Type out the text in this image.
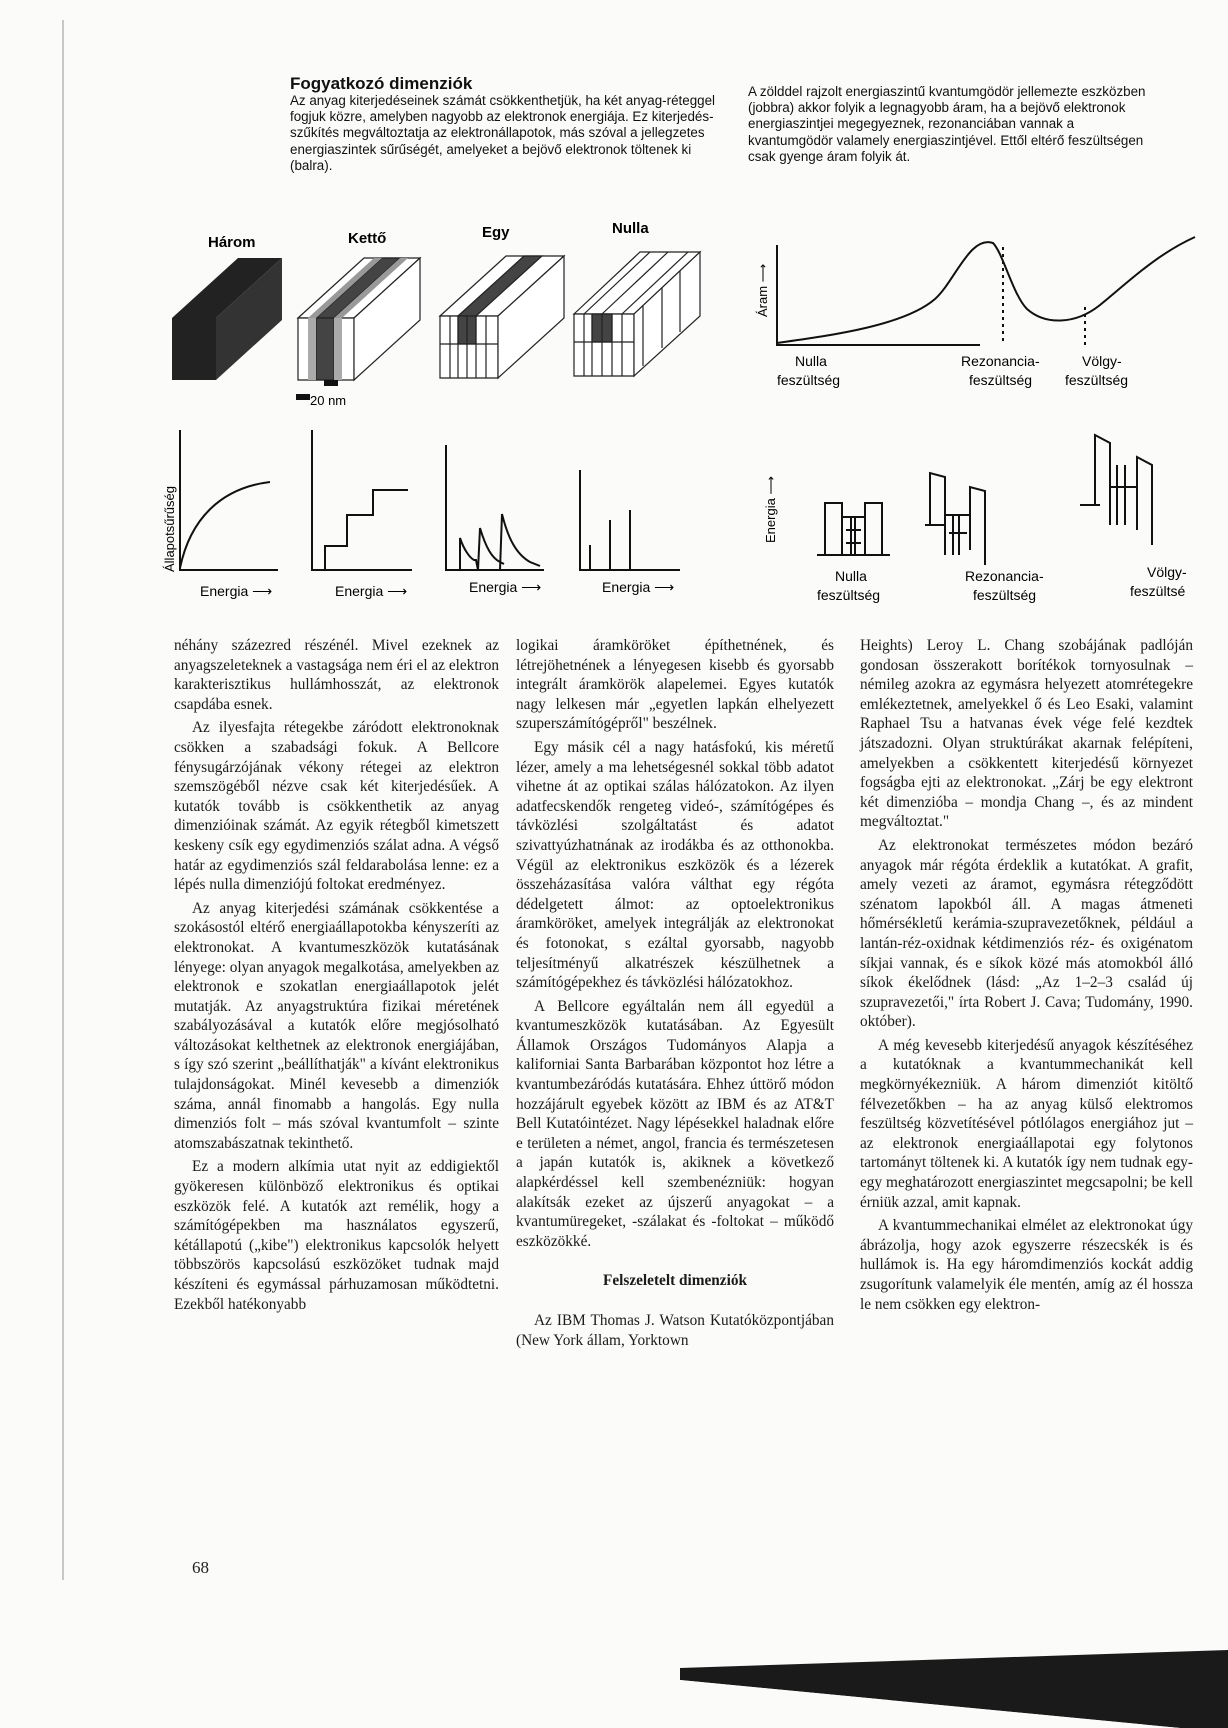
Fogyatkozó dimenziók
Az anyag kiterjedéseinek számát csökkenthetjük, ha két anyag-réteggel fogjuk közre, amelyben nagyobb az elektronok energiája. Ez kiterjedés-szűkítés megváltoztatja az elektronállapotok, más szóval a jellegzetes energiaszintek sűrűségét, amelyeket a bejövő elektronok töltenek ki (balra).
A zölddel rajzolt energiaszintű kvantumgödör jellemezte eszközben (jobbra) akkor folyik a legnagyobb áram, ha a bejövő elektronok energiaszintjei megegyeznek, rezonanciában vannak a kvantumgödör valamely energiaszintjével. Ettől eltérő feszültségen csak gyenge áram folyik át.
Három	Kettő	Egy	Nulla
20 nm
Állapotsűrűség
Energia ⟶	Energia ⟶	Energia ⟶	Energia ⟶
Áram ⟶
Nulla
feszültség
Rezonancia-
feszültség
Völgy-
feszültség
Energia ⟶
Nulla
feszültség
Rezonancia-
feszültség
Völgy-
feszültsé

néhány százezred részénél. Mivel ezeknek az anyagszeleteknek a vastagsága nem éri el az elektron karakterisztikus hullámhosszát, az elektronok csapdába esnek.

Az ilyesfajta rétegekbe záródott elektronoknak csökken a szabadsági fokuk. A Bellcore fénysugárzójának vékony rétegei az elektron szemszögéből nézve csak két kiterjedésűek. A kutatók tovább is csökkenthetik az anyag dimenzióinak számát. Az egyik rétegből kimetszett keskeny csík egy egydimenziós szálat adna. A végső határ az egydimenziós szál feldarabolása lenne: ez a lépés nulla dimenziójú foltokat eredményez.

Az anyag kiterjedési számának csökkentése a szokásostól eltérő energiaállapotokba kényszeríti az elektronokat. A kvantumeszközök kutatásának lényege: olyan anyagok megalkotása, amelyekben az elektronok e szokatlan energiaállapotok jelét mutatják. Az anyagstruktúra fizikai méretének szabályozásával a kutatók előre megjósolható változásokat kelthetnek az elektronok energiájában, s így szó szerint „beállíthatják" a kívánt elektronikus tulajdonságokat. Minél kevesebb a dimenziók száma, annál finomabb a hangolás. Egy nulla dimenziós folt – más szóval kvantumfolt – szinte atomszabászatnak tekinthető.

Ez a modern alkímia utat nyit az eddigiektől gyökeresen különböző elektronikus és optikai eszközök felé. A kutatók azt remélik, hogy a számítógépekben ma használatos egyszerű, kétállapotú („kibe") elektronikus kapcsolók helyett többszörös kapcsolású eszközöket tudnak majd készíteni és egymással párhuzamosan működtetni. Ezekből hatékonyabb

logikai áramköröket építhetnének, és létrejöhetnének a lényegesen kisebb és gyorsabb integrált áramkörök alapelemei. Egyes kutatók nagy lelkesen már „egyetlen lapkán elhelyezett szuperszámítógépről" beszélnek.

Egy másik cél a nagy hatásfokú, kis méretű lézer, amely a ma lehetségesnél sokkal több adatot vihetne át az optikai szálas hálózatokon. Az ilyen adatfecskendők rengeteg videó-, számítógépes és távközlési szolgáltatást és adatot szivattyúzhatnának az irodákba és az otthonokba. Végül az elektronikus eszközök és a lézerek összeházasítása valóra válthat egy régóta dédelgetett álmot: az optoelektronikus áramköröket, amelyek integrálják az elektronokat és fotonokat, s ezáltal gyorsabb, nagyobb teljesítményű alkatrészek készülhetnek a számítógépekhez és távközlési hálózatokhoz.

A Bellcore egyáltalán nem áll egyedül a kvantumeszközök kutatásában. Az Egyesült Államok Országos Tudományos Alapja a kaliforniai Santa Barbarában központot hoz létre a kvantumbezáródás kutatására. Ehhez úttörő módon hozzájárult egyebek között az IBM és az AT&T Bell Kutatóintézet. Nagy lépésekkel haladnak előre e területen a német, angol, francia és természetesen a japán kutatók is, akiknek a következő alapkérdéssel kell szembenézniük: hogyan alakítsák ezeket az újszerű anyagokat – a kvantumüregeket, -szálakat és -foltokat – működő eszközökké.

Felszeletelt dimenziók

Az IBM Thomas J. Watson Kutatóközpontjában (New York állam, Yorktown

Heights) Leroy L. Chang szobájának padlóján gondosan összerakott borítékok tornyosulnak – némileg azokra az egymásra helyezett atomrétegekre emlékeztetnek, amelyekkel ő és Leo Esaki, valamint Raphael Tsu a hatvanas évek vége felé kezdtek játszadozni. Olyan struktúrákat akarnak felépíteni, amelyekben a csökkentett kiterjedésű környezet fogságba ejti az elektronokat. „Zárj be egy elektront két dimenzióba – mondja Chang –, és az mindent megváltoztat."

Az elektronokat természetes módon bezáró anyagok már régóta érdeklik a kutatókat. A grafit, amely vezeti az áramot, egymásra rétegződött szénatom lapokból áll. A magas átmeneti hőmérsékletű kerámia-szupravezetőknek, például a lantán-réz-oxidnak kétdimenziós réz- és oxigénatom síkjai vannak, és e síkok közé más atomokból álló síkok ékelődnek (lásd: „Az 1–2–3 család új szupravezetői," írta Robert J. Cava; Tudomány, 1990. október).

A még kevesebb kiterjedésű anyagok készítéséhez a kutatóknak a kvantummechanikát kell megkörnyékezniük. A három dimenziót kitöltő félvezetőkben – ha az anyag külső elektromos feszültség közvetítésével pótlólagos energiához jut – az elektronok energiaállapotai egy folytonos tartományt töltenek ki. A kutatók így nem tudnak egy-egy meghatározott energiaszintet megcsapolni; be kell érniük azzal, amit kapnak.

A kvantummechanikai elmélet az elektronokat úgy ábrázolja, hogy azok egyszerre részecskék is és hullámok is. Ha egy háromdimenziós kockát addig zsugorítunk valamelyik éle mentén, amíg az él hossza le nem csökken egy elektron-

68
